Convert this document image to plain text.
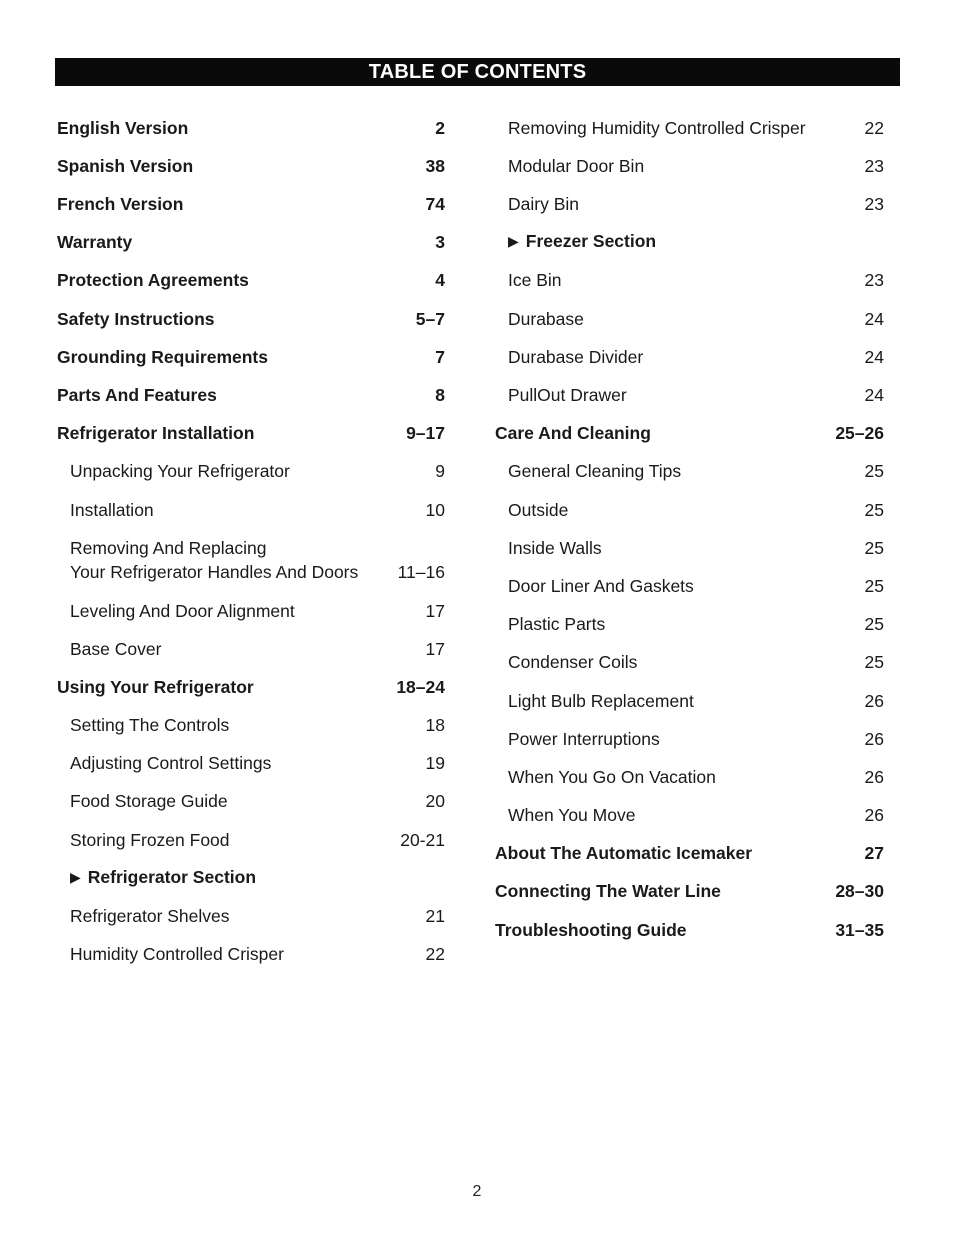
TABLE OF CONTENTS
English Version	2
Spanish Version	38
French Version	74
Warranty	3
Protection Agreements	4
Safety Instructions	5–7
Grounding Requirements	7
Parts And Features	8
Refrigerator Installation	9–17
Unpacking Your Refrigerator	9
Installation	10
Removing And Replacing
Your Refrigerator Handles And Doors 11–16
Leveling And Door Alignment	17
Base Cover	17
Using Your Refrigerator	18–24
Setting The Controls	18
Adjusting Control Settings	19
Food Storage Guide	20
Storing Frozen Food	20-21
▶ Refrigerator Section
Refrigerator Shelves	21
Humidity Controlled Crisper	22
Removing Humidity Controlled Crisper	22
Modular Door Bin	23
Dairy Bin	23
▶ Freezer Section
Ice Bin	23
Durabase	24
Durabase Divider	24
PullOut Drawer	24
Care And Cleaning	25–26
General Cleaning Tips	25
Outside	25
Inside Walls	25
Door Liner And Gaskets	25
Plastic Parts	25
Condenser Coils	25
Light Bulb Replacement	26
Power Interruptions	26
When You Go On Vacation	26
When You Move	26
About The Automatic Icemaker	27
Connecting The Water Line	28–30
Troubleshooting Guide	31–35
2
